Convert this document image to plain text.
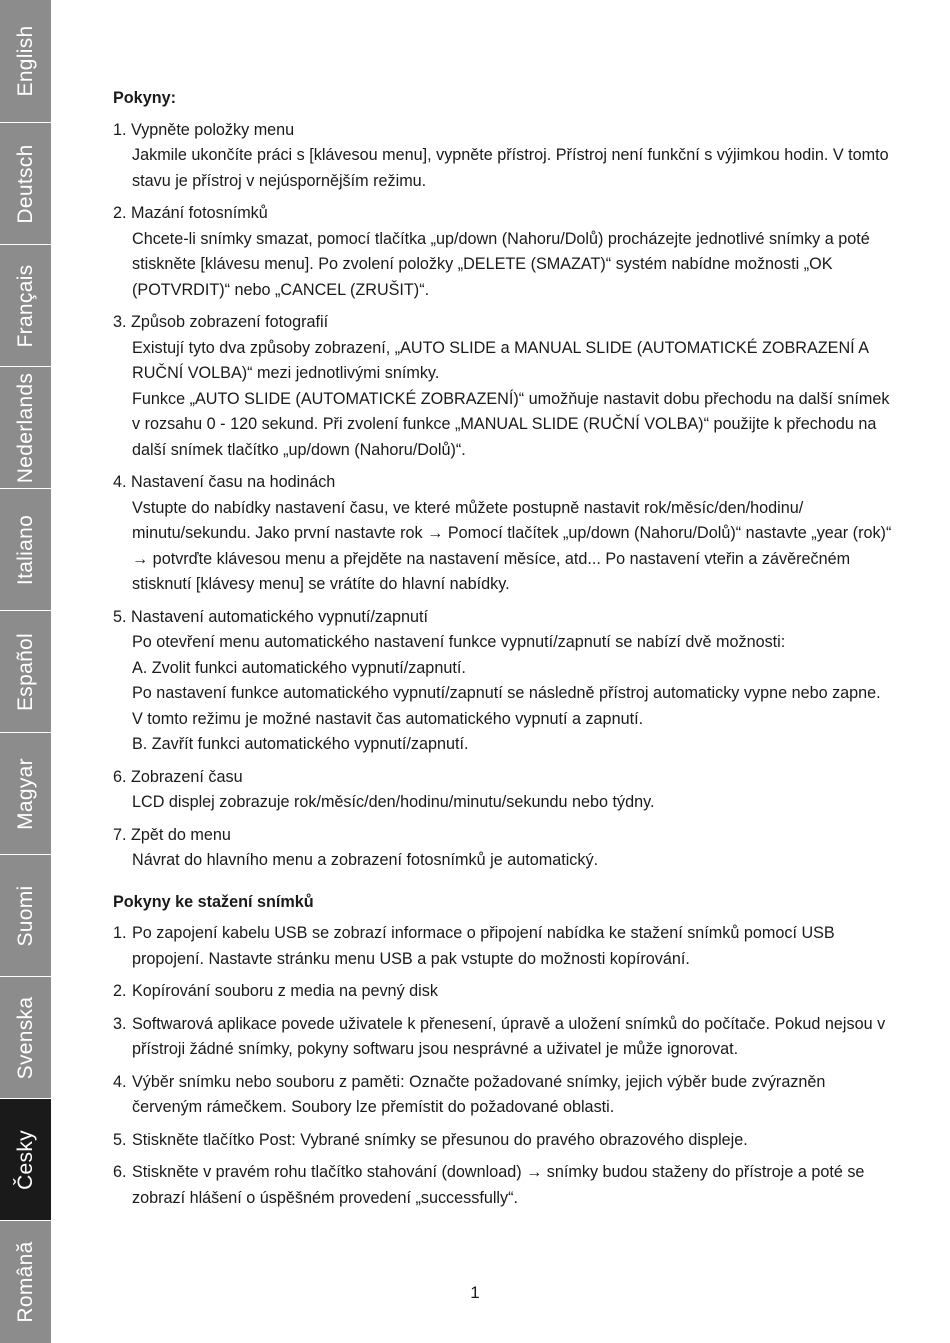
English
Deutsch
Français
Nederlands
Italiano
Español
Magyar
Suomi
Svenska
Česky
Română
Pokyny:
1. Vypněte položky menu

Jakmile ukončíte práci s [klávesou menu], vypněte přístroj. Přístroj není funkční s výjimkou hodin. V tomto stavu je přístroj v nejúspornějším režimu.

2. Mazání fotosnímků

Chcete-li snímky smazat, pomocí tlačítka „up/down (Nahoru/Dolů) procházejte jednotlivé snímky a poté stiskněte [klávesu menu]. Po zvolení položky „DELETE (SMAZAT)“ systém nabídne možnosti „OK (POTVRDIT)“ nebo „CANCEL (ZRUŠIT)“.

3. Způsob zobrazení fotografií

Existují tyto dva způsoby zobrazení, „AUTO SLIDE a MANUAL SLIDE (AUTOMATICKÉ ZOBRAZENÍ A RUČNÍ VOLBA)“ mezi jednotlivými snímky.

Funkce „AUTO SLIDE (AUTOMATICKÉ ZOBRAZENÍ)“ umožňuje nastavit dobu přechodu na další snímek v rozsahu 0 - 120 sekund. Při zvolení funkce „MANUAL SLIDE (RUČNÍ VOLBA)“ použijte k přechodu na další snímek tlačítko „up/down (Nahoru/Dolů)“.

4. Nastavení času na hodinách

Vstupte do nabídky nastavení času, ve které můžete postupně nastavit rok/měsíc/den/hodinu/ minutu/sekundu. Jako první nastavte rok → Pomocí tlačítek „up/down (Nahoru/Dolů)“ nastavte „year (rok)“ → potvrďte klávesou menu a přejděte na nastavení měsíce, atd... Po nastavení vteřin a závěrečném stisknutí [klávesy menu] se vrátíte do hlavní nabídky.

5. Nastavení automatického vypnutí/zapnutí

Po otevření menu automatického nastavení funkce vypnutí/zapnutí se nabízí dvě možnosti:

A. Zvolit funkci automatického vypnutí/zapnutí.

Po nastavení funkce automatického vypnutí/zapnutí se následně přístroj automaticky vypne nebo zapne. V tomto režimu je možné nastavit čas automatického vypnutí a zapnutí.

B. Zavřít funkci automatického vypnutí/zapnutí.

6. Zobrazení času

LCD displej zobrazuje rok/měsíc/den/hodinu/minutu/sekundu nebo týdny.

7. Zpět do menu

Návrat do hlavního menu a zobrazení fotosnímků je automatický.

Pokyny ke stažení snímků
1. Po zapojení kabelu USB se zobrazí informace o připojení nabídka ke stažení snímků pomocí USB propojení. Nastavte stránku menu USB a pak vstupte do možnosti kopírování.
2. Kopírování souboru z media na pevný disk
3. Softwarová aplikace povede uživatele k přenesení, úpravě a uložení snímků do počítače. Pokud nejsou v přístroji žádné snímky, pokyny softwaru jsou nesprávné a uživatel je může ignorovat.
4. Výběr snímku nebo souboru z paměti: Označte požadované snímky, jejich výběr bude zvýrazněn červeným rámečkem. Soubory lze přemístit do požadované oblasti.
5. Stiskněte tlačítko Post: Vybrané snímky se přesunou do pravého obrazového displeje.
6. Stiskněte v pravém rohu tlačítko stahování (download) → snímky budou staženy do přístroje a poté se zobrazí hlášení o úspěšném provedení „successfully“.
1
